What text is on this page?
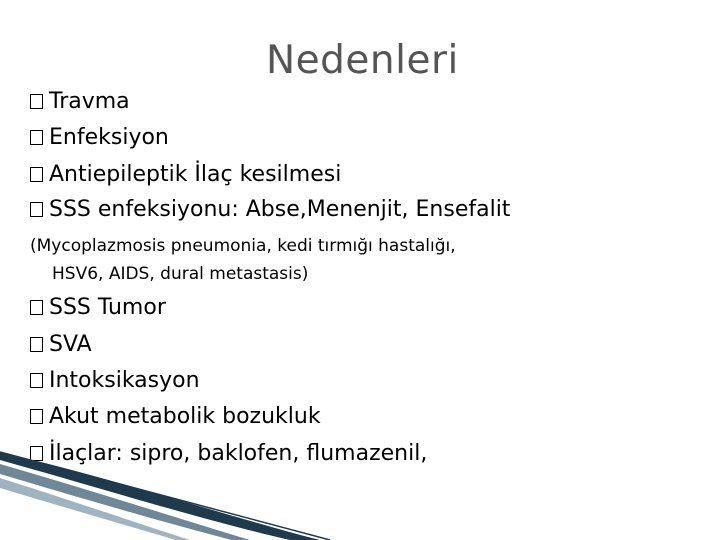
Nedenleri
Travma
Enfeksiyon
Antiepileptik İlaç kesilmesi
SSS enfeksiyonu: Abse,Menenjit, Ensefalit
(Mycoplazmosis pneumonia, kedi tırmığı hastalığı,
HSV6, AIDS, dural metastasis)
SSS Tumor
SVA
Intoksikasyon
Akut metabolik bozukluk
İlaçlar: sipro, baklofen, flumazenil,
